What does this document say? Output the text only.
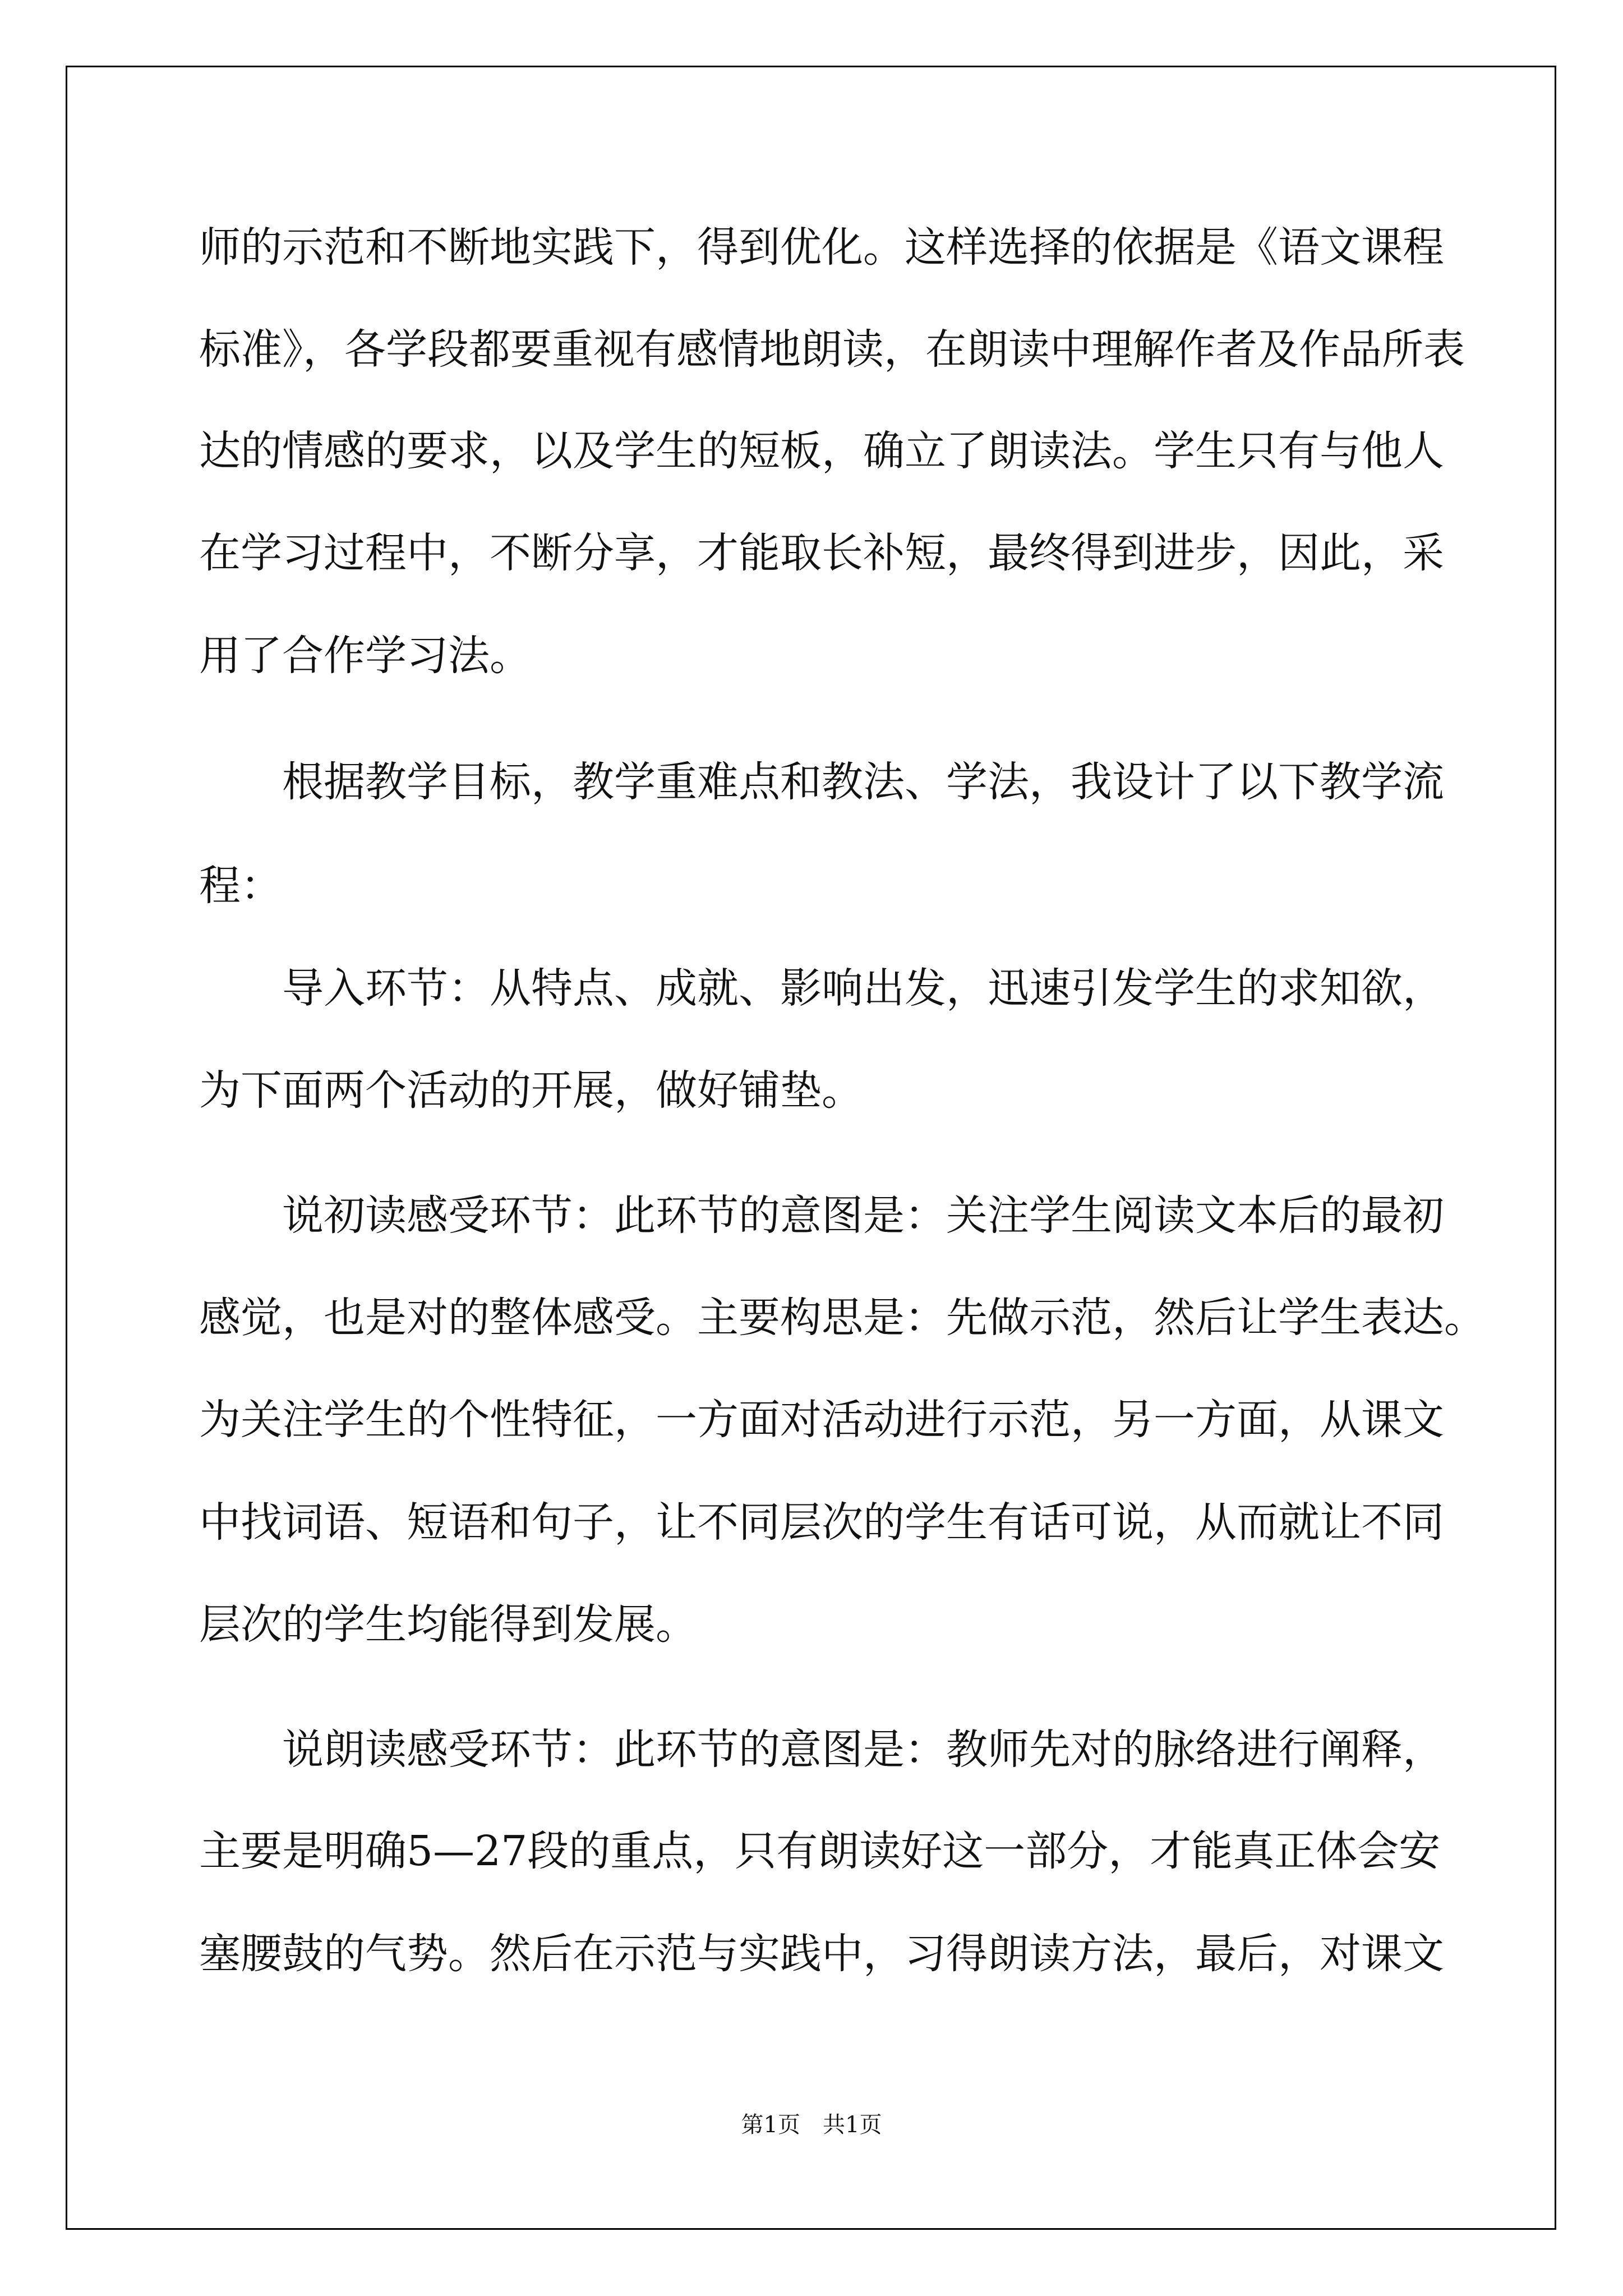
师的示范和不断地实践下，得到优化。这样选择的依据是《语文课程

标准》，各学段都要重视有感情地朗读，在朗读中理解作者及作品所表

达的情感的要求，以及学生的短板，确立了朗读法。学生只有与他人

在学习过程中，不断分享，才能取长补短，最终得到进步，因此，采

用了合作学习法。

　　根据教学目标，教学重难点和教法、学法，我设计了以下教学流

程：

　　导入环节：从特点、成就、影响出发，迅速引发学生的求知欲，

为下面两个活动的开展，做好铺垫。

　　说初读感受环节：此环节的意图是：关注学生阅读文本后的最初

感觉，也是对的整体感受。主要构思是：先做示范，然后让学生表达。

为关注学生的个性特征，一方面对活动进行示范，另一方面，从课文

中找词语、短语和句子，让不同层次的学生有话可说，从而就让不同

层次的学生均能得到发展。

　　说朗读感受环节：此环节的意图是：教师先对的脉络进行阐释，

主要是明确5—27段的重点，只有朗读好这一部分，才能真正体会安

塞腰鼓的气势。然后在示范与实践中，习得朗读方法，最后，对课文

第1页　共1页
